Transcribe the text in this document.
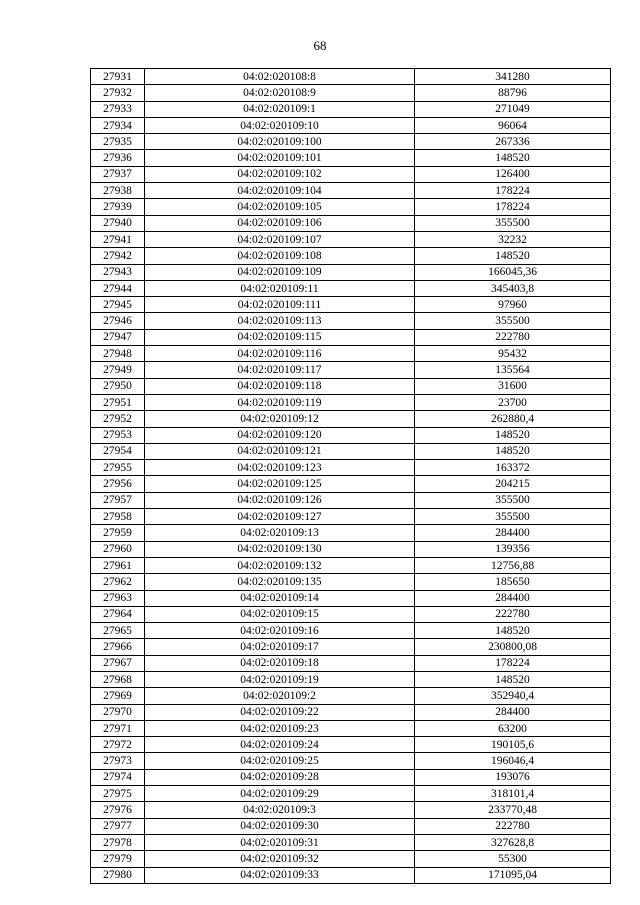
68
27931	04:02:020108:8	341280
27932	04:02:020108:9	88796
27933	04:02:020109:1	271049
27934	04:02:020109:10	96064
27935	04:02:020109:100	267336
27936	04:02:020109:101	148520
27937	04:02:020109:102	126400
27938	04:02:020109:104	178224
27939	04:02:020109:105	178224
27940	04:02:020109:106	355500
27941	04:02:020109:107	32232
27942	04:02:020109:108	148520
27943	04:02:020109:109	166045,36
27944	04:02:020109:11	345403,8
27945	04:02:020109:111	97960
27946	04:02:020109:113	355500
27947	04:02:020109:115	222780
27948	04:02:020109:116	95432
27949	04:02:020109:117	135564
27950	04:02:020109:118	31600
27951	04:02:020109:119	23700
27952	04:02:020109:12	262880,4
27953	04:02:020109:120	148520
27954	04:02:020109:121	148520
27955	04:02:020109:123	163372
27956	04:02:020109:125	204215
27957	04:02:020109:126	355500
27958	04:02:020109:127	355500
27959	04:02:020109:13	284400
27960	04:02:020109:130	139356
27961	04:02:020109:132	12756,88
27962	04:02:020109:135	185650
27963	04:02:020109:14	284400
27964	04:02:020109:15	222780
27965	04:02:020109:16	148520
27966	04:02:020109:17	230800,08
27967	04:02:020109:18	178224
27968	04:02:020109:19	148520
27969	04:02:020109:2	352940,4
27970	04:02:020109:22	284400
27971	04:02:020109:23	63200
27972	04:02:020109:24	190105,6
27973	04:02:020109:25	196046,4
27974	04:02:020109:28	193076
27975	04:02:020109:29	318101,4
27976	04:02:020109:3	233770,48
27977	04:02:020109:30	222780
27978	04:02:020109:31	327628,8
27979	04:02:020109:32	55300
27980	04:02:020109:33	171095,04
